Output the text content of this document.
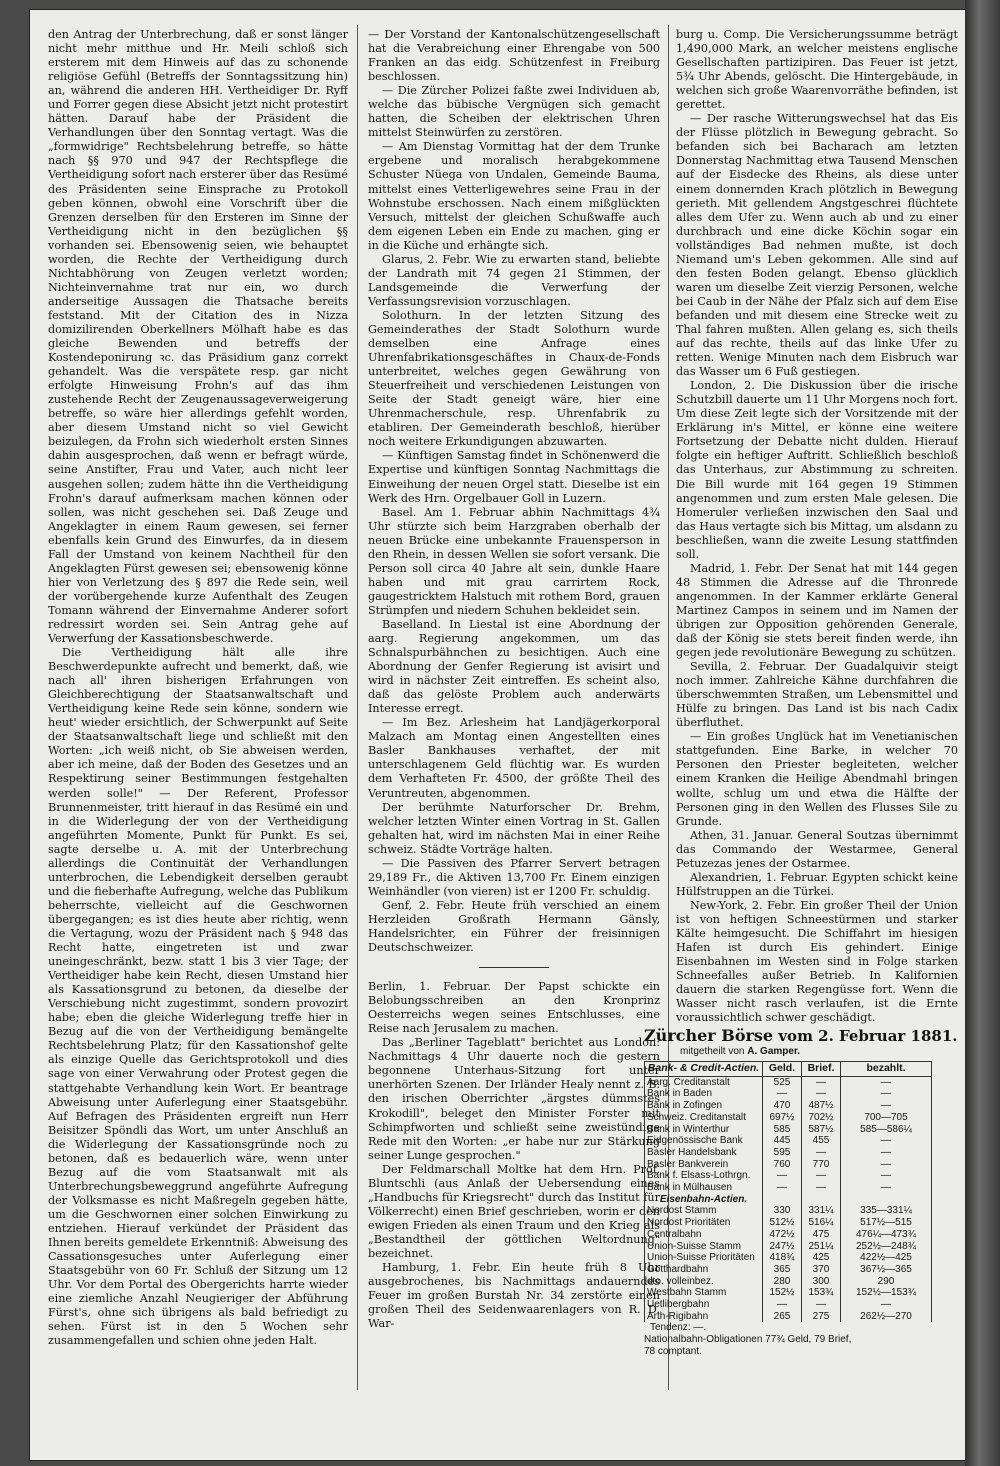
den Antrag der Unterbrechung, daß er sonst länger nicht mehr mitthue und Hr. Meili schloß sich ersterem mit dem Hinweis auf das zu schonende religiöse Gefühl (Betreffs der Sonntagssitzung hin) an, während die anderen HH. Vertheidiger Dr. Ryff und Forrer gegen diese Absicht jetzt nicht protestirt hätten. Darauf habe der Präsident die Verhandlungen über den Sonntag vertagt. Was die „formwidrige" Rechtsbelehrung betreffe, so hätte nach §§ 970 und 947 der Rechtspflege die Vertheidigung sofort nach ersterer über das Resümé des Präsidenten seine Einsprache zu Protokoll geben können, obwohl eine Vorschrift über die Grenzen derselben für den Ersteren im Sinne der Vertheidigung nicht in den bezüglichen §§ vorhanden sei. Ebensowenig seien, wie behauptet worden, die Rechte der Vertheidigung durch Nichtabhörung von Zeugen verletzt worden; Nichteinvernahme trat nur ein, wo durch anderseitige Aussagen die Thatsache bereits feststand. Mit der Citation des in Nizza domizilirenden Oberkellners Mölhaft habe es das gleiche Bewenden und betreffs der Kostendeponirung ꝛc. das Präsidium ganz correkt gehandelt. Was die verspätete resp. gar nicht erfolgte Hinweisung Frohn's auf das ihm zustehende Recht der Zeugenaussageverweigerung betreffe, so wäre hier allerdings gefehlt worden, aber diesem Umstand nicht so viel Gewicht beizulegen, da Frohn sich wiederholt ersten Sinnes dahin ausgesprochen, daß wenn er befragt würde, seine Anstifter, Frau und Vater, auch nicht leer ausgehen sollen; zudem hätte ihn die Vertheidigung Frohn's darauf aufmerksam machen können oder sollen, was nicht geschehen sei. Daß Zeuge und Angeklagter in einem Raum gewesen, sei ferner ebenfalls kein Grund des Einwurfes, da in diesem Fall der Umstand von keinem Nachtheil für den Angeklagten Fürst gewesen sei; ebensowenig könne hier von Verletzung des § 897 die Rede sein, weil der vorübergehende kurze Aufenthalt des Zeugen Tomann während der Einvernahme Anderer sofort redressirt worden sei. Sein Antrag gehe auf Verwerfung der Kassationsbeschwerde.

Die Vertheidigung hält alle ihre Beschwerdepunkte aufrecht und bemerkt, daß, wie nach all' ihren bisherigen Erfahrungen von Gleichberechtigung der Staatsanwaltschaft und Vertheidigung keine Rede sein könne, sondern wie heut' wieder ersichtlich, der Schwerpunkt auf Seite der Staatsanwaltschaft liege und schließt mit den Worten: „ich weiß nicht, ob Sie abweisen werden, aber ich meine, daß der Boden des Gesetzes und an Respektirung seiner Bestimmungen festgehalten werden solle!" — Der Referent, Professor Brunnenmeister, tritt hierauf in das Resümé ein und in die Widerlegung der von der Vertheidigung angeführten Momente, Punkt für Punkt. Es sei, sagte derselbe u. A. mit der Unterbrechung allerdings die Continuität der Verhandlungen unterbrochen, die Lebendigkeit derselben geraubt und die fieberhafte Aufregung, welche das Publikum beherrschte, vielleicht auf die Geschwornen übergegangen; es ist dies heute aber richtig, wenn die Vertagung, wozu der Präsident nach § 948 das Recht hatte, eingetreten ist und zwar uneingeschränkt, bezw. statt 1 bis 3 vier Tage; der Vertheidiger habe kein Recht, diesen Umstand hier als Kassationsgrund zu betonen, da dieselbe der Verschiebung nicht zugestimmt, sondern provozirt habe; eben die gleiche Widerlegung treffe hier in Bezug auf die von der Vertheidigung bemängelte Rechtsbelehrung Platz; für den Kassationshof gelte als einzige Quelle das Gerichtsprotokoll und dies sage von einer Verwahrung oder Protest gegen die stattgehabte Verhandlung kein Wort. Er beantrage Abweisung unter Auferlegung einer Staatsgebühr. Auf Befragen des Präsidenten ergreift nun Herr Beisitzer Spöndli das Wort, um unter Anschluß an die Widerlegung der Kassationsgründe noch zu betonen, daß es bedauerlich wäre, wenn unter Bezug auf die vom Staatsanwalt mit als Unterbrechungsbeweggrund angeführte Aufregung der Volksmasse es nicht Maßregeln gegeben hätte, um die Geschwornen einer solchen Einwirkung zu entziehen. Hierauf verkündet der Präsident das Ihnen bereits gemeldete Erkenntniß: Abweisung des Cassationsgesuches unter Auferlegung einer Staatsgebühr von 60 Fr. Schluß der Sitzung um 12 Uhr. Vor dem Portal des Obergerichts harrte wieder eine ziemliche Anzahl Neugieriger der Abführung Fürst's, ohne sich übrigens als bald befriedigt zu sehen. Fürst ist in den 5 Wochen sehr zusammengefallen und schien ohne jeden Halt.

— Der Vorstand der Kantonalschützengesellschaft hat die Verabreichung einer Ehrengabe von 500 Franken an das eidg. Schützenfest in Freiburg beschlossen.

— Die Zürcher Polizei faßte zwei Individuen ab, welche das bübische Vergnügen sich gemacht hatten, die Scheiben der elektrischen Uhren mittelst Steinwürfen zu zerstören.

— Am Dienstag Vormittag hat der dem Trunke ergebene und moralisch herabgekommene Schuster Nüega von Undalen, Gemeinde Bauma, mittelst eines Vetterligewehres seine Frau in der Wohnstube erschossen. Nach einem mißglückten Versuch, mittelst der gleichen Schußwaffe auch dem eigenen Leben ein Ende zu machen, ging er in die Küche und erhängte sich.

Glarus, 2. Febr. Wie zu erwarten stand, beliebte der Landrath mit 74 gegen 21 Stimmen, der Landsgemeinde die Verwerfung der Verfassungsrevision vorzuschlagen.

Solothurn. In der letzten Sitzung des Gemeinderathes der Stadt Solothurn wurde demselben eine Anfrage eines Uhrenfabrikationsgeschäftes in Chaux-de-Fonds unterbreitet, welches gegen Gewährung von Steuerfreiheit und verschiedenen Leistungen von Seite der Stadt geneigt wäre, hier eine Uhrenmacherschule, resp. Uhrenfabrik zu etabliren. Der Gemeinderath beschloß, hierüber noch weitere Erkundigungen abzuwarten.

— Künftigen Samstag findet in Schönenwerd die Expertise und künftigen Sonntag Nachmittags die Einweihung der neuen Orgel statt. Dieselbe ist ein Werk des Hrn. Orgelbauer Goll in Luzern.

Basel. Am 1. Februar abhin Nachmittags 4¾ Uhr stürzte sich beim Harzgraben oberhalb der neuen Brücke eine unbekannte Frauensperson in den Rhein, in dessen Wellen sie sofort versank. Die Person soll circa 40 Jahre alt sein, dunkle Haare haben und mit grau carrirtem Rock, gaugestricktem Halstuch mit rothem Bord, grauen Strümpfen und niedern Schuhen bekleidet sein.

Baselland. In Liestal ist eine Abordnung der aarg. Regierung angekommen, um das Schnalspurbähnchen zu besichtigen. Auch eine Abordnung der Genfer Regierung ist avisirt und wird in nächster Zeit eintreffen. Es scheint also, daß das gelöste Problem auch anderwärts Interesse erregt.

— Im Bez. Arlesheim hat Landjägerkorporal Malzach am Montag einen Angestellten eines Basler Bankhauses verhaftet, der mit unterschlagenem Geld flüchtig war. Es wurden dem Verhafteten Fr. 4500, der größte Theil des Veruntreuten, abgenommen.

Der berühmte Naturforscher Dr. Brehm, welcher letzten Winter einen Vortrag in St. Gallen gehalten hat, wird im nächsten Mai in einer Reihe schweiz. Städte Vorträge halten.

— Die Passiven des Pfarrer Servert betragen 29,189 Fr., die Aktiven 13,700 Fr. Einem einzigen Weinhändler (von vieren) ist er 1200 Fr. schuldig.

Genf, 2. Febr. Heute früh verschied an einem Herzleiden Großrath Hermann Gänsly, Handelsrichter, ein Führer der freisinnigen Deutschschweizer.

Berlin, 1. Februar. Der Papst schickte ein Belobungsschreiben an den Kronprinz Oesterreichs wegen seines Entschlusses, eine Reise nach Jerusalem zu machen.

Das „Berliner Tageblatt" berichtet aus London: Nachmittags 4 Uhr dauerte noch die gestern begonnene Unterhaus-Sitzung fort unter unerhörten Szenen. Der Irländer Healy nennt z. B. den irischen Oberrichter „ärgstes dümmstes Krokodill", beleget den Minister Forster mit Schimpfworten und schließt seine zweistündige Rede mit den Worten: „er habe nur zur Stärkung seiner Lunge gesprochen."

Der Feldmarschall Moltke hat dem Hrn. Prof. Bluntschli (aus Anlaß der Uebersendung eines „Handbuchs für Kriegsrecht" durch das Institut für Völkerrecht) einen Brief geschrieben, worin er den ewigen Frieden als einen Traum und den Krieg als „Bestandtheil der göttlichen Weltordnung" bezeichnet.

Hamburg, 1. Febr. Ein heute früh 8 Uhr ausgebrochenes, bis Nachmittags andauerndes Feuer im großen Burstah Nr. 34 zerstörte einen großen Theil des Seidenwaarenlagers von R. D. War-

burg u. Comp. Die Versicherungssumme beträgt 1,490,000 Mark, an welcher meistens englische Gesellschaften partizipiren. Das Feuer ist jetzt, 5¾ Uhr Abends, gelöscht. Die Hintergebäude, in welchen sich große Waarenvorräthe befinden, ist gerettet.

— Der rasche Witterungswechsel hat das Eis der Flüsse plötzlich in Bewegung gebracht. So befanden sich bei Bacharach am letzten Donnerstag Nachmittag etwa Tausend Menschen auf der Eisdecke des Rheins, als diese unter einem donnernden Krach plötzlich in Bewegung gerieth. Mit gellendem Angstgeschrei flüchtete alles dem Ufer zu. Wenn auch ab und zu einer durchbrach und eine dicke Köchin sogar ein vollständiges Bad nehmen mußte, ist doch Niemand um's Leben gekommen. Alle sind auf den festen Boden gelangt. Ebenso glücklich waren um dieselbe Zeit vierzig Personen, welche bei Caub in der Nähe der Pfalz sich auf dem Eise befanden und mit diesem eine Strecke weit zu Thal fahren mußten. Allen gelang es, sich theils auf das rechte, theils auf das linke Ufer zu retten. Wenige Minuten nach dem Eisbruch war das Wasser um 6 Fuß gestiegen.

London, 2. Die Diskussion über die irische Schutzbill dauerte um 11 Uhr Morgens noch fort. Um diese Zeit legte sich der Vorsitzende mit der Erklärung in's Mittel, er könne eine weitere Fortsetzung der Debatte nicht dulden. Hierauf folgte ein heftiger Auftritt. Schließlich beschloß das Unterhaus, zur Abstimmung zu schreiten. Die Bill wurde mit 164 gegen 19 Stimmen angenommen und zum ersten Male gelesen. Die Homeruler verließen inzwischen den Saal und das Haus vertagte sich bis Mittag, um alsdann zu beschließen, wann die zweite Lesung stattfinden soll.

Madrid, 1. Febr. Der Senat hat mit 144 gegen 48 Stimmen die Adresse auf die Thronrede angenommen. In der Kammer erklärte General Martinez Campos in seinem und im Namen der übrigen zur Opposition gehörenden Generale, daß der König sie stets bereit finden werde, ihn gegen jede revolutionäre Bewegung zu schützen.

Sevilla, 2. Februar. Der Guadalquivir steigt noch immer. Zahlreiche Kähne durchfahren die überschwemmten Straßen, um Lebensmittel und Hülfe zu bringen. Das Land ist bis nach Cadix überfluthet.

— Ein großes Unglück hat im Venetianischen stattgefunden. Eine Barke, in welcher 70 Personen den Priester begleiteten, welcher einem Kranken die Heilige Abendmahl bringen wollte, schlug um und etwa die Hälfte der Personen ging in den Wellen des Flusses Sile zu Grunde.

Athen, 31. Januar. General Soutzas übernimmt das Commando der Westarmee, General Petuzezas jenes der Ostarmee.

Alexandrien, 1. Februar. Egypten schickt keine Hülfstruppen an die Türkei.

New-York, 2. Febr. Ein großer Theil der Union ist von heftigen Schneestürmen und starker Kälte heimgesucht. Die Schiffahrt im hiesigen Hafen ist durch Eis gehindert. Einige Eisenbahnen im Westen sind in Folge starken Schneefalles außer Betrieb. In Kalifornien dauern die starken Regengüsse fort. Wenn die Wasser nicht rasch verlaufen, ist die Ernte voraussichtlich schwer geschädigt.

Zürcher Börse vom 2. Februar 1881.
mitgetheilt von A. Gamper.
Bank- & Credit-Actien.	Geld.	Brief.	bezahlt.
Aarg. Creditanstalt	525	—	—
Bank in Baden	—	—	—
Bank in Zofingen	470	487½	—
Schweiz. Creditanstalt	697½	702½	700—705
Bank in Winterthur	585	587½	585—586¼
Eidgenössische Bank	445	455	—
Basler Handelsbank	595	—	—
Basler Bankverein	760	770	—
Bank f. Elsass-Lothrgn.	—	—	—
Bank in Mülhausen	—	—	—
Eisenbahn-Actien.			
Nordost Stamm	330	331¼	335—331¼
Nordost Prioritäten	512½	516¼	517½—515
Centralbahn	472½	475	476¼—473¾
Union-Suisse Stamm	247½	251¼	252½—248¾
Union-Suisse Prioritäten	418¾	425	422½—425
Gotthardbahn	365	370	367½—365
dto. volleinbez.	280	300	290
Westbahn Stamm	152½	153¾	152½—153¾
Uetlibergbahn	—	—	—
Arth-Rigibahn	265	275	262½—270
Tendenz: —.
Nationalbahn-Obligationen 77¾ Geld, 79 Brief,
78 comptant.
